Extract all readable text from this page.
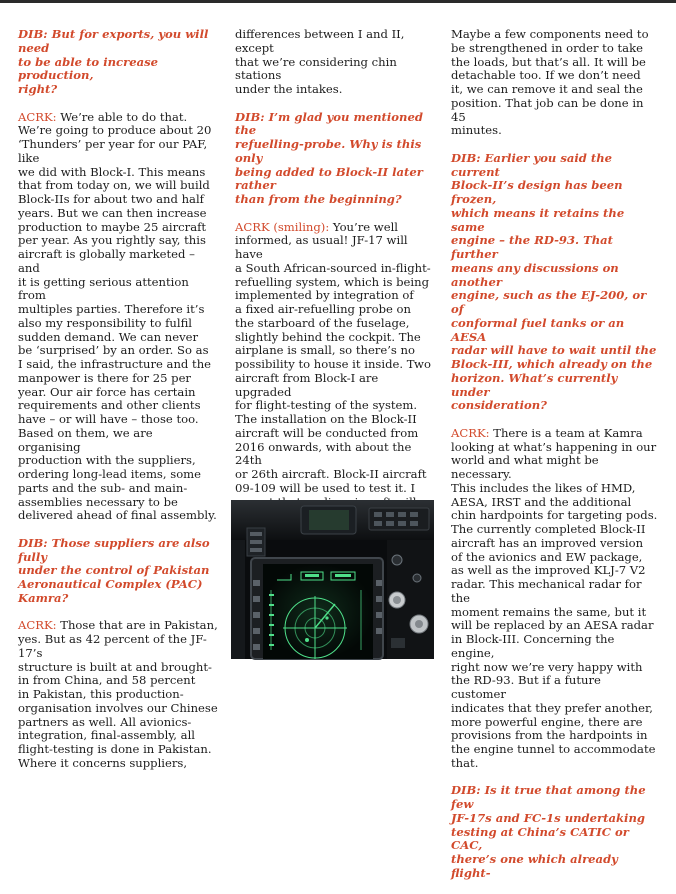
DIB: But for exports, you will need
to be able to increase production,
right?

ACRK: We’re able to do that.
We’re going to produce about 20
‘Thunders’ per year for our PAF, like
we did with Block-I. This means
that from today on, we will build
Block-IIs for about two and half
years. But we can then increase
production to maybe 25 aircraft
per year. As you rightly say, this
aircraft is globally marketed – and
it is getting serious attention from
multiples parties. Therefore it’s
also my responsibility to fulfil
sudden demand. We can never
be ‘surprised’ by an order. So as
I said, the infrastructure and the
manpower is there for 25 per
year. Our air force has certain
requirements and other clients
have – or will have – those too.
Based on them, we are organising
production with the suppliers,
ordering long-lead items, some
parts and the sub- and main-
assemblies necessary to be
delivered ahead of final assembly.

DIB: Those suppliers are also fully
under the control of Pakistan
Aeronautical Complex (PAC)
Kamra?

ACRK: Those that are in Pakistan,
yes. But as 42 percent of the JF-17’s
structure is built at and brought-
in from China, and 58 percent
in Pakistan, this production-
organisation involves our Chinese
partners as well. All avionics-
integration, final-assembly, all
flight-testing is done in Pakistan.
Where it concerns suppliers,

differences between I and II, except
that we’re considering chin stations
under the intakes.

DIB: I’m glad you mentioned the
refuelling-probe. Why is this only
being added to Block-II later rather
than from the beginning?

ACRK (smiling): You’re well
informed, as usual! JF-17 will have
a South African-sourced in-flight-
refuelling system, which is being
implemented by integration of
a fixed air-refuelling probe on
the starboard of the fuselage,
slightly behind the cockpit. The
airplane is small, so there’s no
possibility to house it inside. Two
aircraft from Block-I are upgraded
for flight-testing of the system.
The installation on the Block-II
aircraft will be conducted from
2016 onwards, with about the 24th
or 26th aircraft. Block-II aircraft
09-109 will be used to test it. I

Maybe a few components need to
be strengthened in order to take
the loads, but that’s all. It will be
detachable too. If we don’t need
it, we can remove it and seal the
position. That job can be done in 45
minutes.

DIB: Earlier you said the current
Block-II’s design has been frozen,
which means it retains the same
engine – the RD-93. That further
means any discussions on another
engine, such as the EJ-200, or of
conformal fuel tanks or an AESA
radar will have to wait until the
Block-III, which already on the
horizon. What’s currently under
consideration?

ACRK: There is a team at Kamra
looking at what’s happening in our
world and what might be necessary.
This includes the likes of HMD,
AESA, IRST and the additional
chin hardpoints for targeting pods.
The currently completed Block-II
aircraft has an improved version
of the avionics and EW package,
as well as the improved KLJ-7 V2
radar. This mechanical radar for the
moment remains the same, but it
will be replaced by an AESA radar
in Block-III. Concerning the engine,
right now we’re very happy with
the RD-93. But if a future customer
indicates that they prefer another,
more powerful engine, there are
provisions from the hardpoints in
the engine tunnel to accommodate
that.

DIB: Is it true that among the few
JF-17s and FC-1s undertaking
testing at China’s CATIC or CAC,
there’s one which already flight-
